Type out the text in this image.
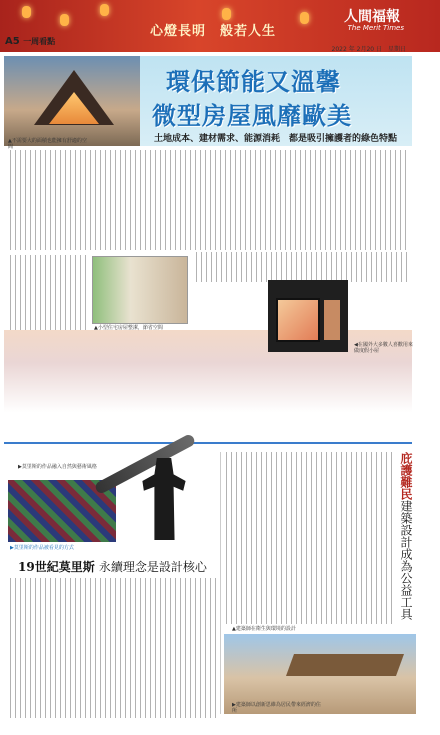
心燈長明　般若人生
人間福報
The Merit Times
A5 一周看點
2022 年 2月20 日　星期日
環保節能又溫馨
微型房屋風靡歐美
土地成本、建材需求、能源消耗　都是吸引擁護者的綠色特點
▲不需要大的面積也能擁有舒適的空間
▲小型住宅房屋整潔，節省空間
◀在國外大多數人喜歡用來做度假小屋
▶莫里斯的作品融入自然與藝術風格
▶莫里斯的作品被看見的方式
19世紀莫里斯 永續理念是設計核心
庇護難民建築設計成為公益工具
▲建築師在衛生與環境的設計
▶建築師以創新思維為居民帶來經濟的住所
